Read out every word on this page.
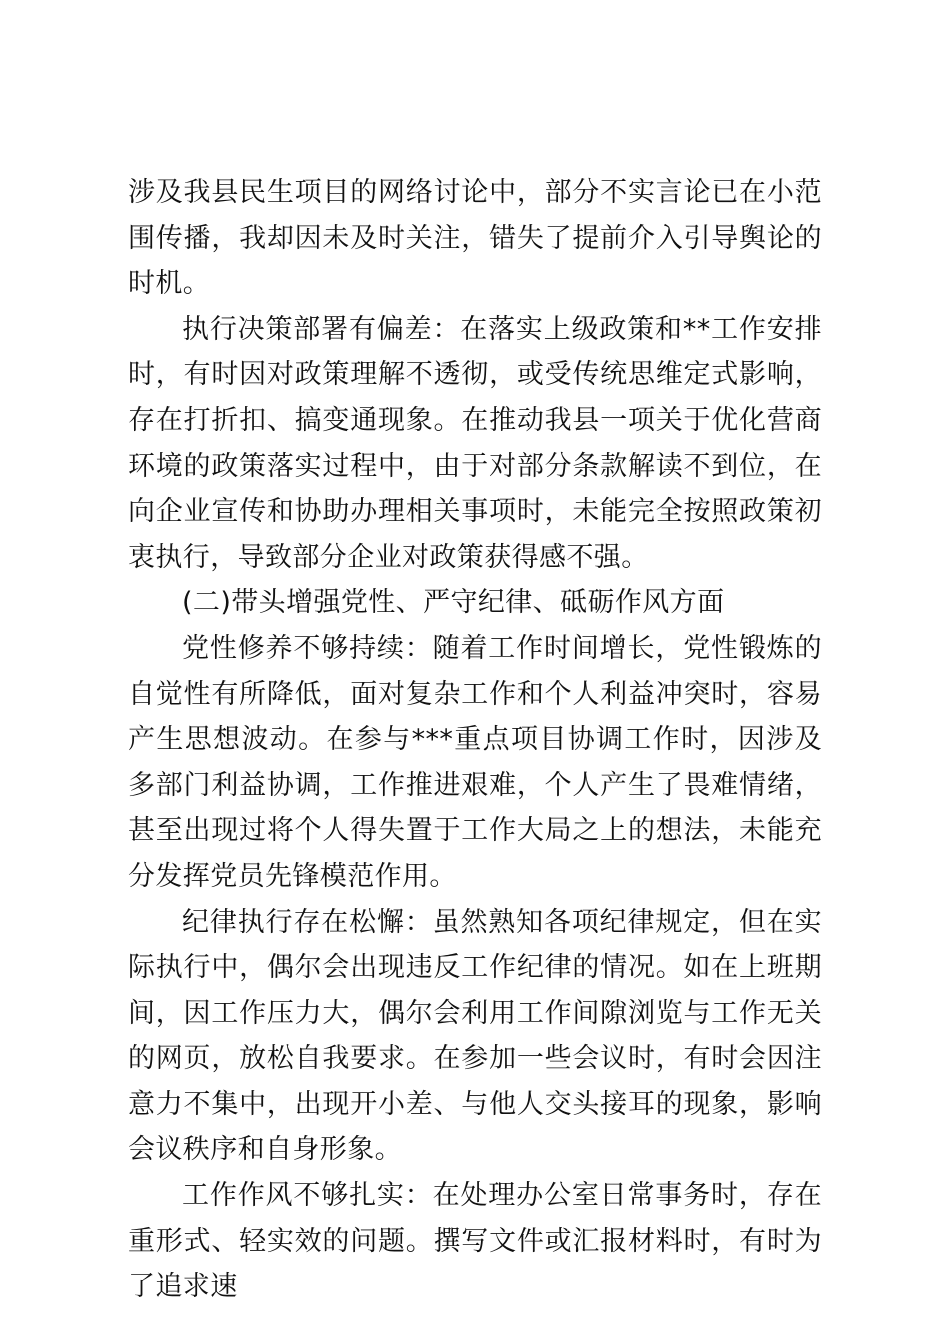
涉及我县民生项目的网络讨论中，部分不实言论已在小范围传播，我却因未及时关注，错失了提前介入引导舆论的时机。

执行决策部署有偏差：在落实上级政策和**工作安排时，有时因对政策理解不透彻，或受传统思维定式影响，存在打折扣、搞变通现象。在推动我县一项关于优化营商环境的政策落实过程中，由于对部分条款解读不到位，在向企业宣传和协助办理相关事项时，未能完全按照政策初衷执行，导致部分企业对政策获得感不强。

(二)带头增强党性、严守纪律、砥砺作风方面

党性修养不够持续：随着工作时间增长，党性锻炼的自觉性有所降低，面对复杂工作和个人利益冲突时，容易产生思想波动。在参与***重点项目协调工作时，因涉及多部门利益协调，工作推进艰难，个人产生了畏难情绪，甚至出现过将个人得失置于工作大局之上的想法，未能充分发挥党员先锋模范作用。

纪律执行存在松懈：虽然熟知各项纪律规定，但在实际执行中，偶尔会出现违反工作纪律的情况。如在上班期间，因工作压力大，偶尔会利用工作间隙浏览与工作无关的网页，放松自我要求。在参加一些会议时，有时会因注意力不集中，出现开小差、与他人交头接耳的现象，影响会议秩序和自身形象。

工作作风不够扎实：在处理办公室日常事务时，存在重形式、轻实效的问题。撰写文件或汇报材料时，有时为了追求速
